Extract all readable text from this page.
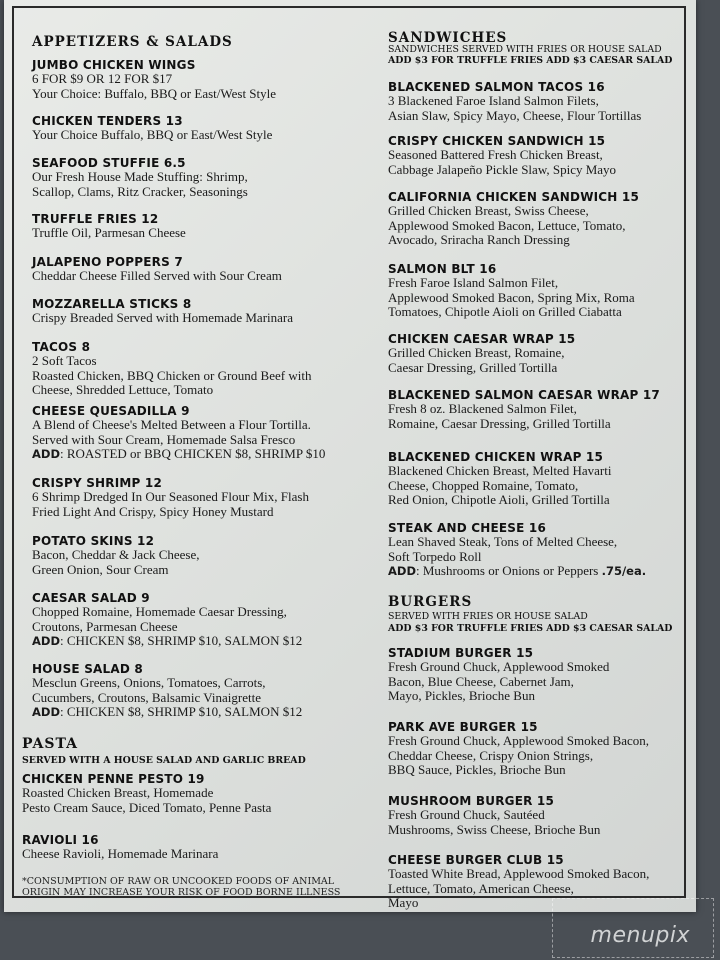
APPETIZERS & SALADS
JUMBO CHICKEN WINGS
6 FOR $9 OR 12 FOR $17
Your Choice: Buffalo, BBQ or East/West Style
CHICKEN TENDERS 13
Your Choice Buffalo, BBQ or East/West Style
SEAFOOD STUFFIE 6.5
Our Fresh House Made Stuffing: Shrimp,
Scallop, Clams, Ritz Cracker, Seasonings
TRUFFLE FRIES 12
Truffle Oil, Parmesan Cheese
JALAPENO POPPERS 7
Cheddar Cheese Filled Served with Sour Cream
MOZZARELLA STICKS 8
Crispy Breaded Served with Homemade Marinara
TACOS 8
2 Soft Tacos
Roasted Chicken, BBQ Chicken or Ground Beef with
Cheese, Shredded Lettuce, Tomato
CHEESE QUESADILLA 9
A Blend of Cheese's Melted Between a Flour Tortilla.
Served with Sour Cream, Homemade Salsa Fresco
ADD: ROASTED or BBQ CHICKEN $8, SHRIMP $10
CRISPY SHRIMP 12
6 Shrimp Dredged In Our Seasoned Flour Mix, Flash
Fried Light And Crispy, Spicy Honey Mustard
POTATO SKINS 12
Bacon, Cheddar & Jack Cheese,
Green Onion, Sour Cream
CAESAR SALAD 9
Chopped Romaine, Homemade Caesar Dressing,
Croutons, Parmesan Cheese
ADD: CHICKEN $8, SHRIMP $10, SALMON $12
HOUSE SALAD 8
Mesclun Greens, Onions, Tomatoes, Carrots,
Cucumbers, Croutons, Balsamic Vinaigrette
ADD: CHICKEN $8, SHRIMP $10, SALMON $12
PASTA
SERVED WITH A HOUSE SALAD AND GARLIC BREAD
CHICKEN PENNE PESTO 19
Roasted Chicken Breast, Homemade
Pesto Cream Sauce, Diced Tomato, Penne Pasta
RAVIOLI 16
Cheese Ravioli, Homemade Marinara
*CONSUMPTION OF RAW OR UNCOOKED FOODS OF ANIMAL
ORIGIN MAY INCREASE YOUR RISK OF FOOD BORNE ILLNESS
SANDWICHES
SANDWICHES SERVED WITH FRIES OR HOUSE SALAD
ADD $3 FOR TRUFFLE FRIES ADD $3 CAESAR SALAD
BLACKENED SALMON TACOS 16
3 Blackened Faroe Island Salmon Filets,
Asian Slaw, Spicy Mayo, Cheese, Flour Tortillas
CRISPY CHICKEN SANDWICH 15
Seasoned Battered Fresh Chicken Breast,
Cabbage Jalapeño Pickle Slaw, Spicy Mayo
CALIFORNIA CHICKEN SANDWICH 15
Grilled Chicken Breast, Swiss Cheese,
Applewood Smoked Bacon, Lettuce, Tomato,
Avocado, Sriracha Ranch Dressing
SALMON BLT 16
Fresh Faroe Island Salmon Filet,
Applewood Smoked Bacon, Spring Mix, Roma
Tomatoes, Chipotle Aioli on Grilled Ciabatta
CHICKEN CAESAR WRAP 15
Grilled Chicken Breast, Romaine,
Caesar Dressing, Grilled Tortilla
BLACKENED SALMON CAESAR WRAP 17
Fresh 8 oz. Blackened Salmon Filet,
Romaine, Caesar Dressing, Grilled Tortilla
BLACKENED CHICKEN WRAP 15
Blackened Chicken Breast, Melted Havarti
Cheese, Chopped Romaine, Tomato,
Red Onion, Chipotle Aioli, Grilled Tortilla
STEAK AND CHEESE 16
Lean Shaved Steak, Tons of Melted Cheese,
Soft Torpedo Roll
ADD: Mushrooms or Onions or Peppers .75/ea.
BURGERS
SERVED WITH FRIES OR HOUSE SALAD
ADD $3 FOR TRUFFLE FRIES ADD $3 CAESAR SALAD
STADIUM BURGER 15
Fresh Ground Chuck, Applewood Smoked
Bacon, Blue Cheese, Cabernet Jam,
Mayo, Pickles, Brioche Bun
PARK AVE BURGER 15
Fresh Ground Chuck, Applewood Smoked Bacon,
Cheddar Cheese, Crispy Onion Strings,
BBQ Sauce, Pickles, Brioche Bun
MUSHROOM BURGER 15
Fresh Ground Chuck, Sautéed
Mushrooms, Swiss Cheese, Brioche Bun
CHEESE BURGER CLUB 15
Toasted White Bread, Applewood Smoked Bacon,
Lettuce, Tomato, American Cheese,
Mayo
menupix
